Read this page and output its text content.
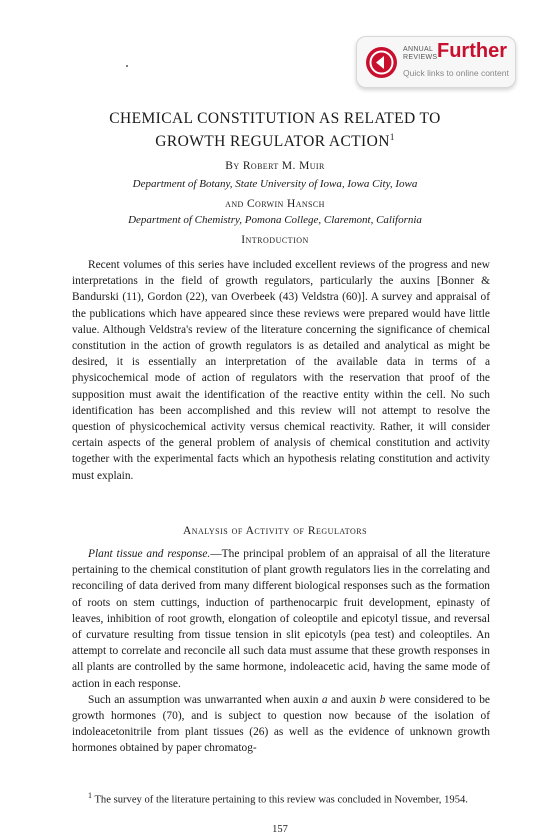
ANNUAL
REVIEWS Further
Quick links to online content
CHEMICAL CONSTITUTION AS RELATED TO
GROWTH REGULATOR ACTION$^1$
By Robert M. Muir
Department of Botany, State University of Iowa, Iowa City, Iowa
and Corwin Hansch
Department of Chemistry, Pomona College, Claremont, California
Introduction

Recent volumes of this series have included excellent reviews of the progress and new interpretations in the field of growth regulators, particularly the auxins [Bonner & Bandurski (11), Gordon (22), van Overbeek (43) Veldstra (60)]. A survey and appraisal of the publications which have appeared since these reviews were prepared would have little value. Although Veldstra's review of the literature concerning the significance of chemical constitution in the action of growth regulators is as detailed and analytical as might be desired, it is essentially an interpretation of the available data in terms of a physicochemical mode of action of regulators with the reservation that proof of the supposition must await the identification of the reactive entity within the cell. No such identification has been accomplished and this review will not attempt to resolve the question of physicochemical activity versus chemical reactivity. Rather, it will consider certain aspects of the general problem of analysis of chemical constitution and activity together with the experimental facts which an hypothesis relating constitution and activity must explain.

Analysis of Activity of Regulators

Plant tissue and response.—The principal problem of an appraisal of all the literature pertaining to the chemical constitution of plant growth regulators lies in the correlating and reconciling of data derived from many different biological responses such as the formation of roots on stem cuttings, induction of parthenocarpic fruit development, epinasty of leaves, inhibition of root growth, elongation of coleoptile and epicotyl tissue, and reversal of curvature resulting from tissue tension in slit epicotyls (pea test) and coleoptiles. An attempt to correlate and reconcile all such data must assume that these growth responses in all plants are controlled by the same hormone, indoleacetic acid, having the same mode of action in each response.

Such an assumption was unwarranted when auxin a and auxin b were considered to be growth hormones (70), and is subject to question now because of the isolation of indoleacetonitrile from plant tissues (26) as well as the evidence of unknown growth hormones obtained by paper chromatog-

$^1$ The survey of the literature pertaining to this review was concluded in November, 1954.
157
